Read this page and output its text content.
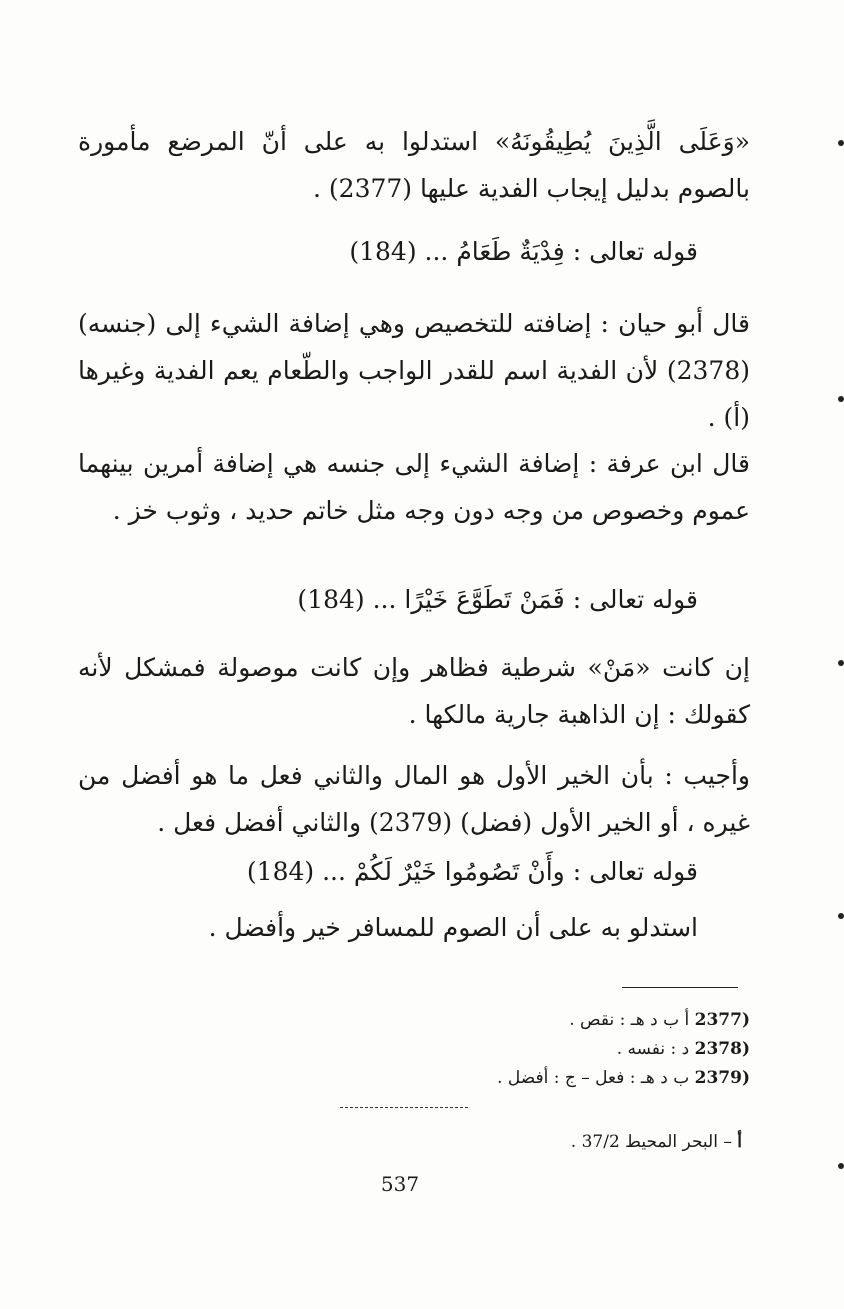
«وَعَلَى الَّذِينَ يُطِيقُونَهُ» استدلوا به على أنّ المرضع مأمورة بالصوم بدليل إيجاب الفدية عليها (2377) .

قوله تعالى : فِدْيَةٌ طَعَامُ ... (184)

قال أبو حيان : إضافته للتخصيص وهي إضافة الشيء إلى (جنسه) (2378) لأن الفدية اسم للقدر الواجب والطّعام يعم الفدية وغيرها (أ) .

قال ابن عرفة : إضافة الشيء إلى جنسه هي إضافة أمرين بينهما عموم وخصوص من وجه دون وجه مثل خاتم حديد ، وثوب خز .

قوله تعالى : فَمَنْ تَطَوَّعَ خَيْرًا ... (184)

إن كانت «مَنْ» شرطية فظاهر وإن كانت موصولة فمشكل لأنه كقولك : إن الذاهبة جارية مالكها .

وأجيب : بأن الخير الأول هو المال والثاني فعل ما هو أفضل من غيره ، أو الخير الأول (فضل) (2379) والثاني أفضل فعل .

قوله تعالى : وأَنْ تَصُومُوا خَيْرٌ لَكُمْ ... (184)

استدلو به على أن الصوم للمسافر خير وأفضل .

(2377 أ ب د هـ : نقص .
(2378 د : نفسه .
(2379 ب د هـ : فعل – ج : أفضل .
أ – البحر المحيط 37/2 .
537
